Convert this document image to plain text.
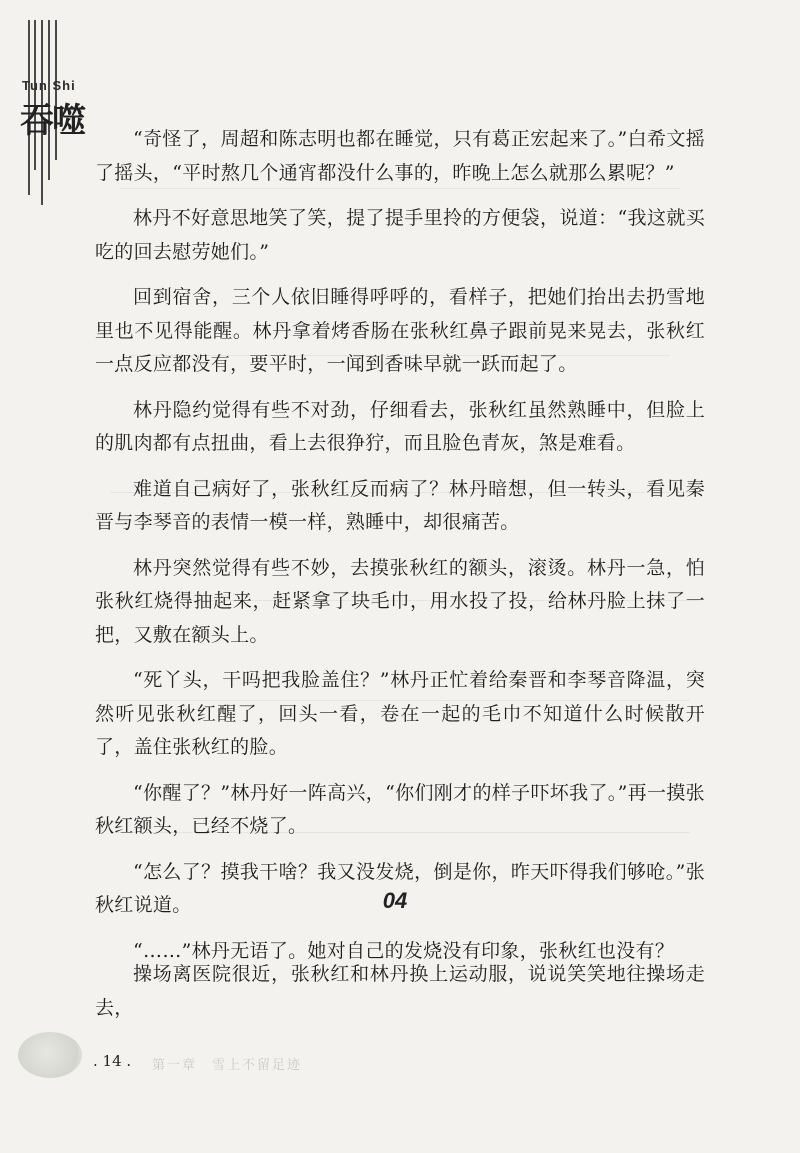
Tun Shi
吞噬	“奇怪了，周超和陈志明也都在睡觉，只有葛正宏起来了。”白希文摇了摇头，“平时熬几个通宵都没什么事的，昨晚上怎么就那么累呢？”

林丹不好意思地笑了笑，提了提手里拎的方便袋，说道：“我这就买吃的回去慰劳她们。”

回到宿舍，三个人依旧睡得呼呼的，看样子，把她们抬出去扔雪地里也不见得能醒。林丹拿着烤香肠在张秋红鼻子跟前晃来晃去，张秋红一点反应都没有，要平时，一闻到香味早就一跃而起了。

林丹隐约觉得有些不对劲，仔细看去，张秋红虽然熟睡中，但脸上的肌肉都有点扭曲，看上去很狰狞，而且脸色青灰，煞是难看。

难道自己病好了，张秋红反而病了？林丹暗想，但一转头，看见秦晋与李琴音的表情一模一样，熟睡中，却很痛苦。

林丹突然觉得有些不妙，去摸张秋红的额头，滚烫。林丹一急，怕张秋红烧得抽起来，赶紧拿了块毛巾，用水投了投，给林丹脸上抹了一把，又敷在额头上。

“死丫头，干吗把我脸盖住？”林丹正忙着给秦晋和李琴音降温，突然听见张秋红醒了，回头一看，卷在一起的毛巾不知道什么时候散开了，盖住张秋红的脸。

“你醒了？”林丹好一阵高兴，“你们刚才的样子吓坏我了。”再一摸张秋红额头，已经不烧了。

“怎么了？摸我干啥？我又没发烧，倒是你，昨天吓得我们够呛。”张秋红说道。

“……”林丹无语了。她对自己的发烧没有印象，张秋红也没有？

04

操场离医院很近，张秋红和林丹换上运动服，说说笑笑地往操场走去，

. 14 . 第一章　雪上不留足迹
